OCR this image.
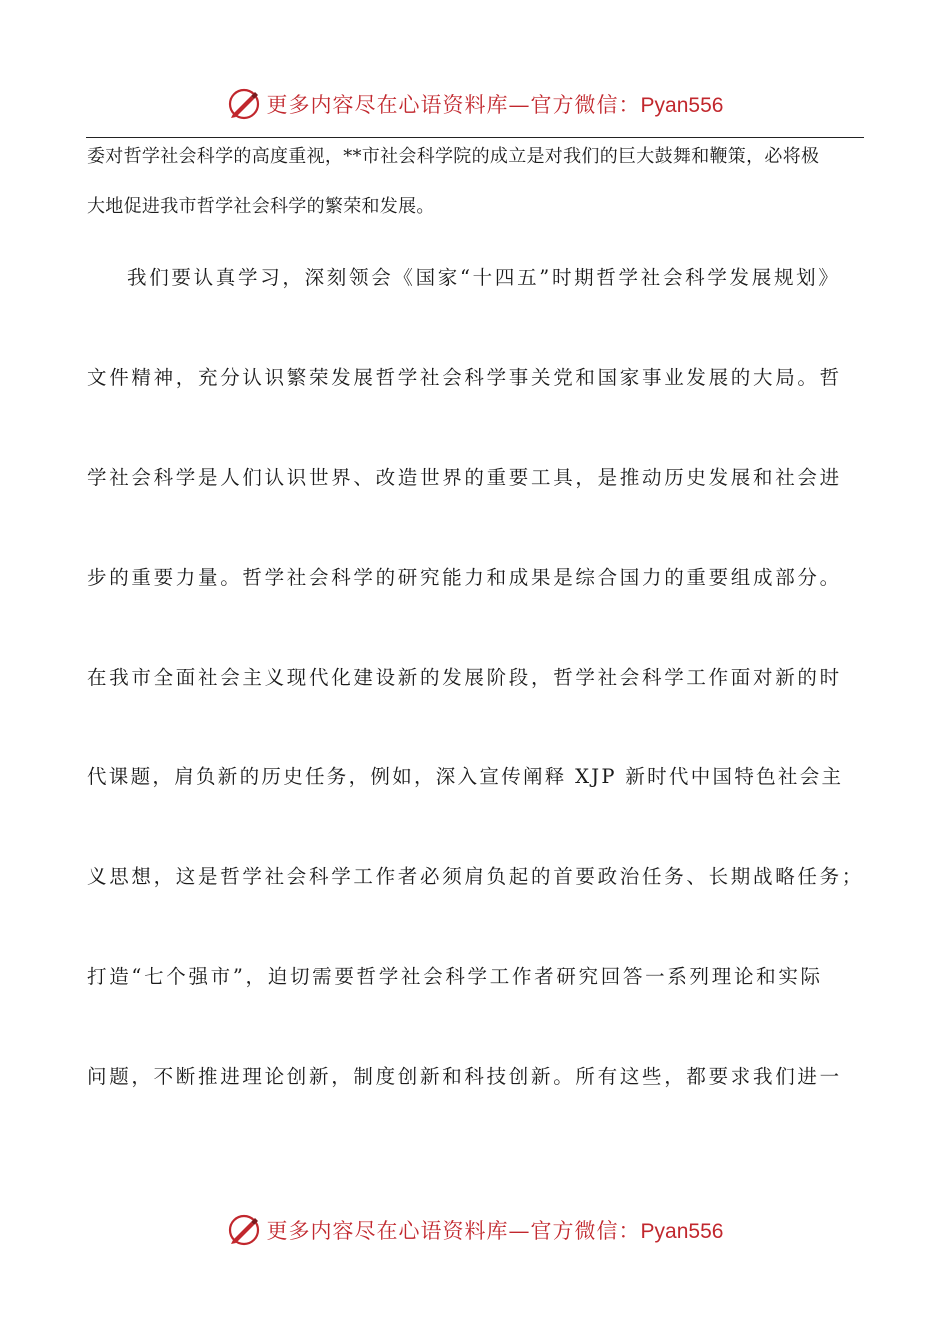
更多内容尽在心语资料库—官方微信：Pyan556
委对哲学社会科学的高度重视，**市社会科学院的成立是对我们的巨大鼓舞和鞭策，必将极
大地促进我市哲学社会科学的繁荣和发展。
我们要认真学习，深刻领会《国家“十四五”时期哲学社会科学发展规划》
文件精神，充分认识繁荣发展哲学社会科学事关党和国家事业发展的大局。哲
学社会科学是人们认识世界、改造世界的重要工具，是推动历史发展和社会进
步的重要力量。哲学社会科学的研究能力和成果是综合国力的重要组成部分。
在我市全面社会主义现代化建设新的发展阶段，哲学社会科学工作面对新的时
代课题，肩负新的历史任务，例如，深入宣传阐释 XJP 新时代中国特色社会主
义思想，这是哲学社会科学工作者必须肩负起的首要政治任务、长期战略任务；
打造“七个强市”，迫切需要哲学社会科学工作者研究回答一系列理论和实际
问题，不断推进理论创新，制度创新和科技创新。所有这些，都要求我们进一
更多内容尽在心语资料库—官方微信：Pyan556
